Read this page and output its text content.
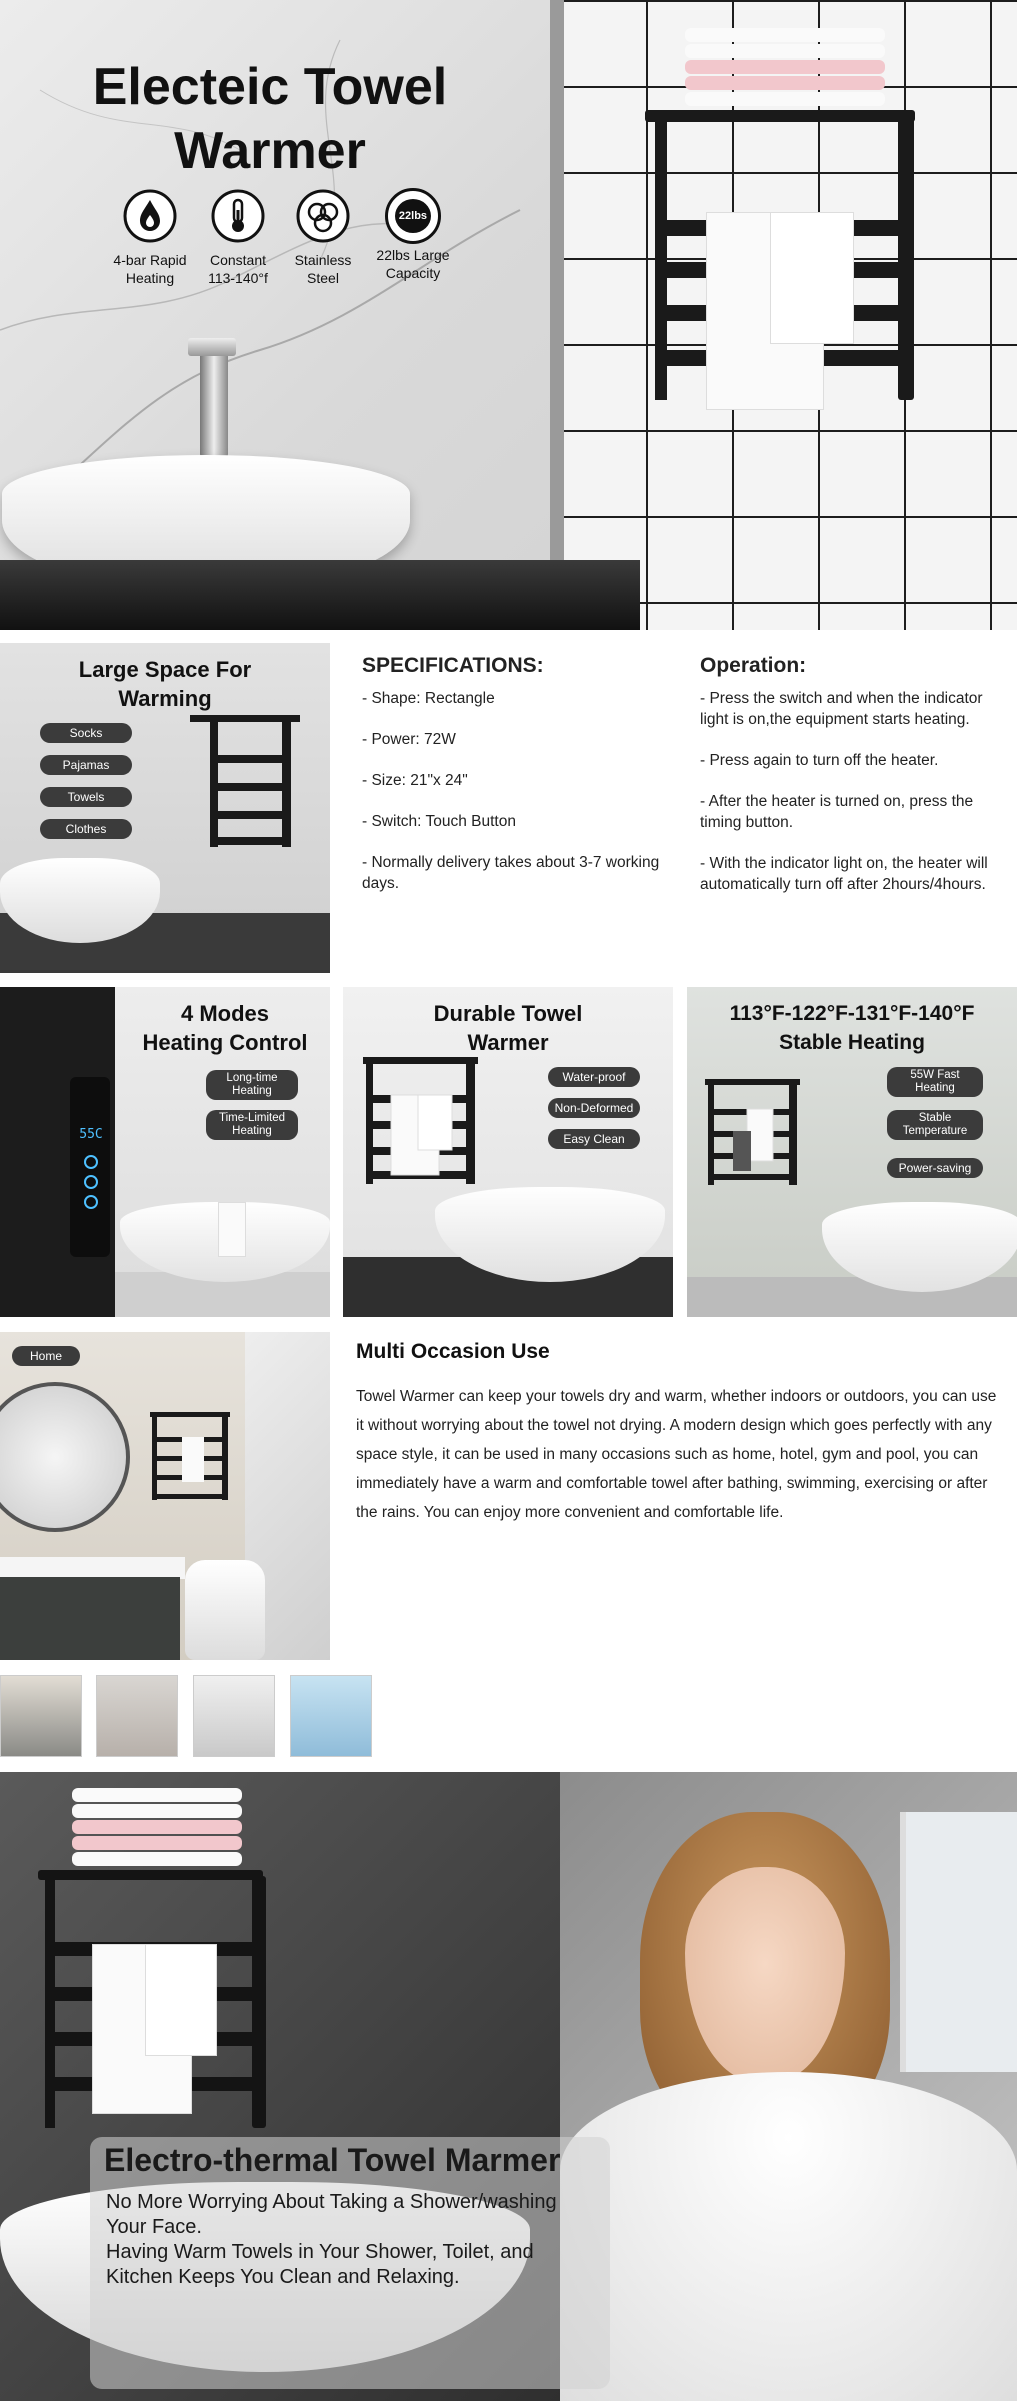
Electeic Towel
Warmer
4-bar Rapid
Heating
Constant
113-140°f
Stainless
Steel
22lbs
22lbs Large
Capacity
Large Space For
Warming
Socks
Pajamas
Towels
Clothes
SPECIFICATIONS:
- Shape: Rectangle
- Power: 72W
- Size: 21"x 24"
- Switch: Touch Button
- Normally delivery takes about 3-7 working days.
Operation:
- Press the switch and when the indicator light is on,the equipment starts heating.
- Press again to turn off the heater.
- After the heater is turned on, press the timing button.
- With the indicator light on, the heater will automatically turn off after 2hours/4hours.
55C
4 Modes
Heating Control
Long-time Heating
Time-Limited Heating
Durable Towel
Warmer
Water-proof
Non-Deformed
Easy Clean
113°F-122°F-131°F-140°F
Stable Heating
55W Fast Heating
Stable Temperature
Power-saving
Home	Multi Occasion Use
Towel Warmer can keep your towels dry and warm, whether indoors or outdoors, you can use it without worrying about the towel not drying. A modern design which goes perfectly with any space style, it can be used in many occasions such as home, hotel, gym and pool, you can immediately have a warm and comfortable towel after bathing, swimming, exercising or after the rains. You can enjoy more convenient and comfortable life.
Electro-thermal Towel Marmer
No More Worrying About Taking a Shower/washing
Your Face.
Having Warm Towels in Your Shower, Toilet, and
Kitchen Keeps You Clean and Relaxing.
